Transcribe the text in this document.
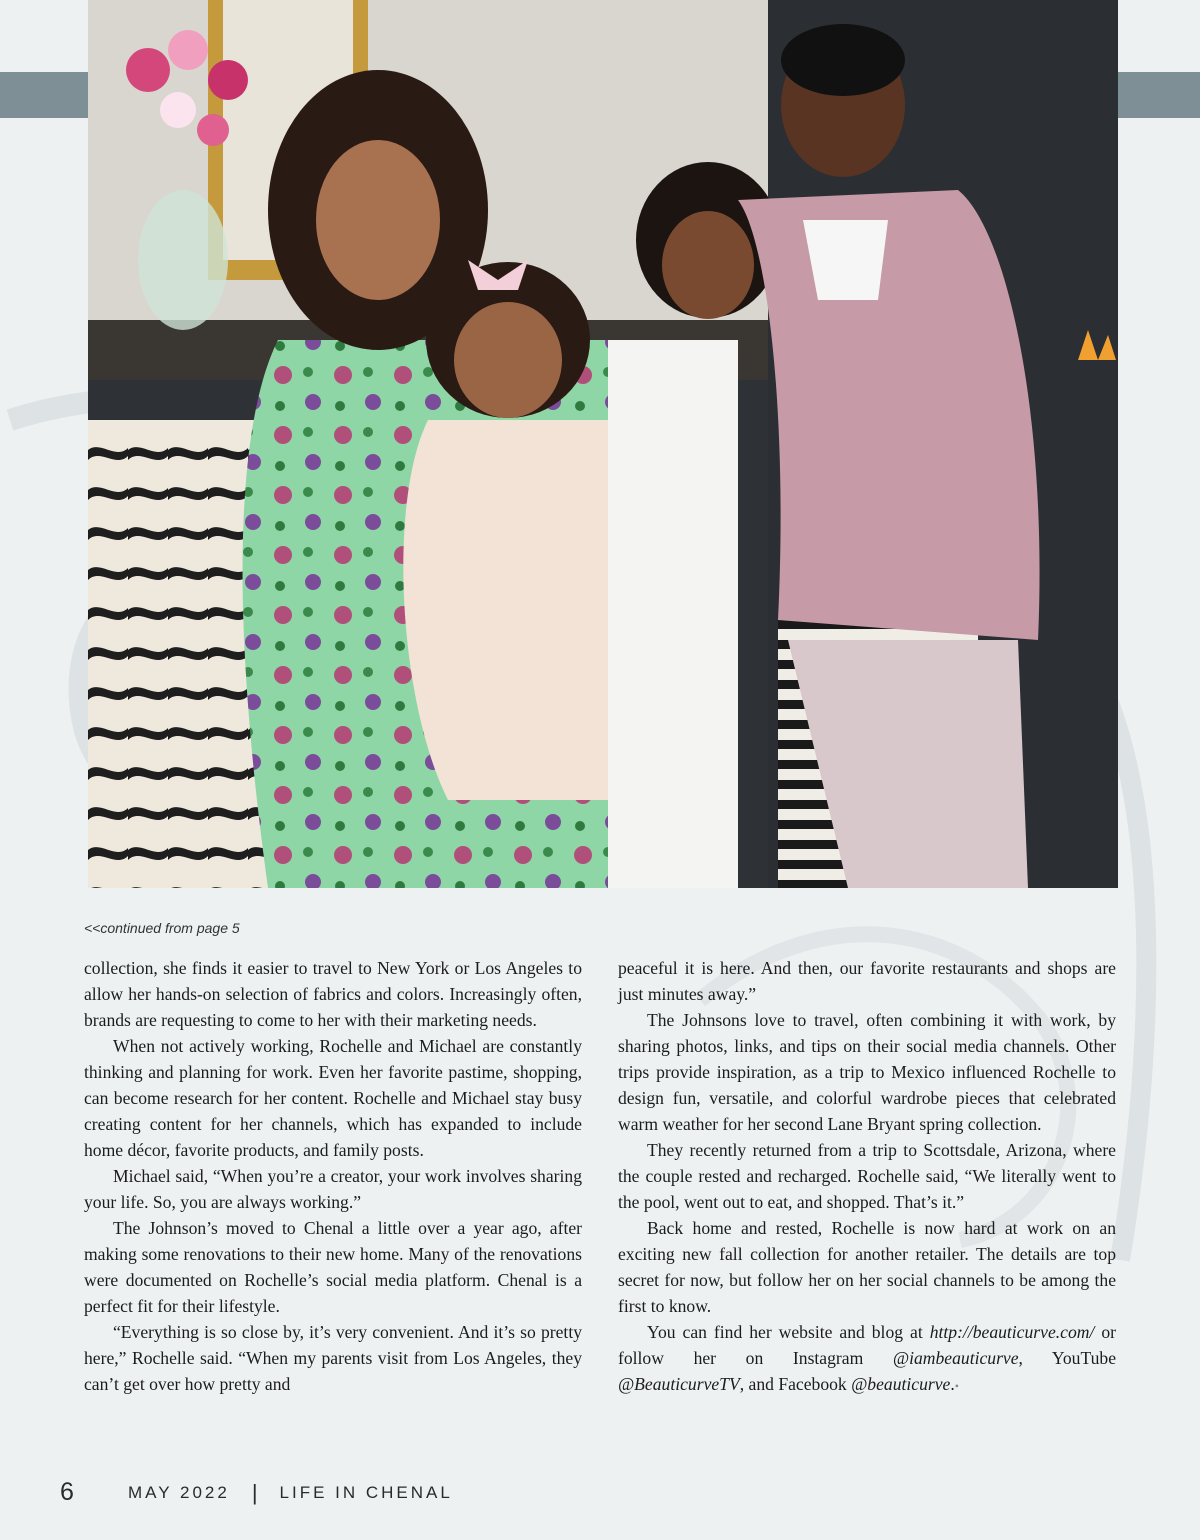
<<continued from page 5

collection, she finds it easier to travel to New York or Los Angeles to allow her hands-on selection of fabrics and colors. Increasingly often, brands are requesting to come to her with their marketing needs.

When not actively working, Rochelle and Michael are constantly thinking and planning for work. Even her favorite pastime, shopping, can become research for her content. Rochelle and Michael stay busy creating content for her channels, which has expanded to include home décor, favorite products, and family posts.

Michael said, “When you’re a creator, your work involves sharing your life. So, you are always working.”

The Johnson’s moved to Chenal a little over a year ago, after making some renovations to their new home. Many of the renovations were documented on Rochelle’s social media platform. Chenal is a perfect fit for their lifestyle.

“Everything is so close by, it’s very convenient. And it’s so pretty here,” Rochelle said. “When my parents visit from Los Angeles, they can’t get over how pretty and

peaceful it is here. And then, our favorite restaurants and shops are just minutes away.”

The Johnsons love to travel, often combining it with work, by sharing photos, links, and tips on their social media channels. Other trips provide inspiration, as a trip to Mexico influenced Rochelle to design fun, versatile, and colorful wardrobe pieces that celebrated warm weather for her second Lane Bryant spring collection.

They recently returned from a trip to Scottsdale, Arizona, where the couple rested and recharged. Rochelle said, “We literally went to the pool, went out to eat, and shopped. That’s it.”

Back home and rested, Rochelle is now hard at work on an exciting new fall collection for another retailer. The details are top secret for now, but follow her on her social channels to be among the first to know.

You can find her website and blog at http://beauticurve.com/ or follow her on Instagram @iambeauticurve, YouTube @BeauticurveTV, and Facebook @beauticurve.•

6	MAY 2022 | LIFE IN CHENAL
